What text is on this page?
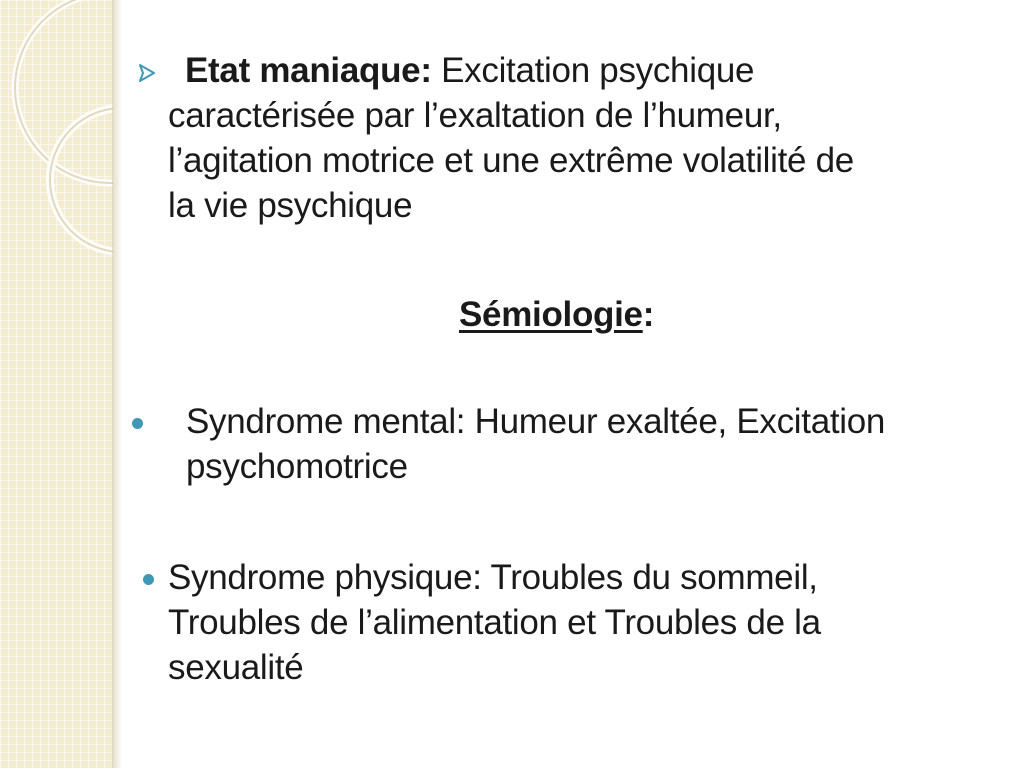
Etat maniaque: Excitation psychique
caractérisée par l’exaltation de l’humeur,
l’agitation motrice et une extrême volatilité de
la vie psychique
Sémiologie:
Syndrome mental: Humeur exaltée, Excitation
psychomotrice
Syndrome physique: Troubles du sommeil,
Troubles de l’alimentation et Troubles de la
sexualité
